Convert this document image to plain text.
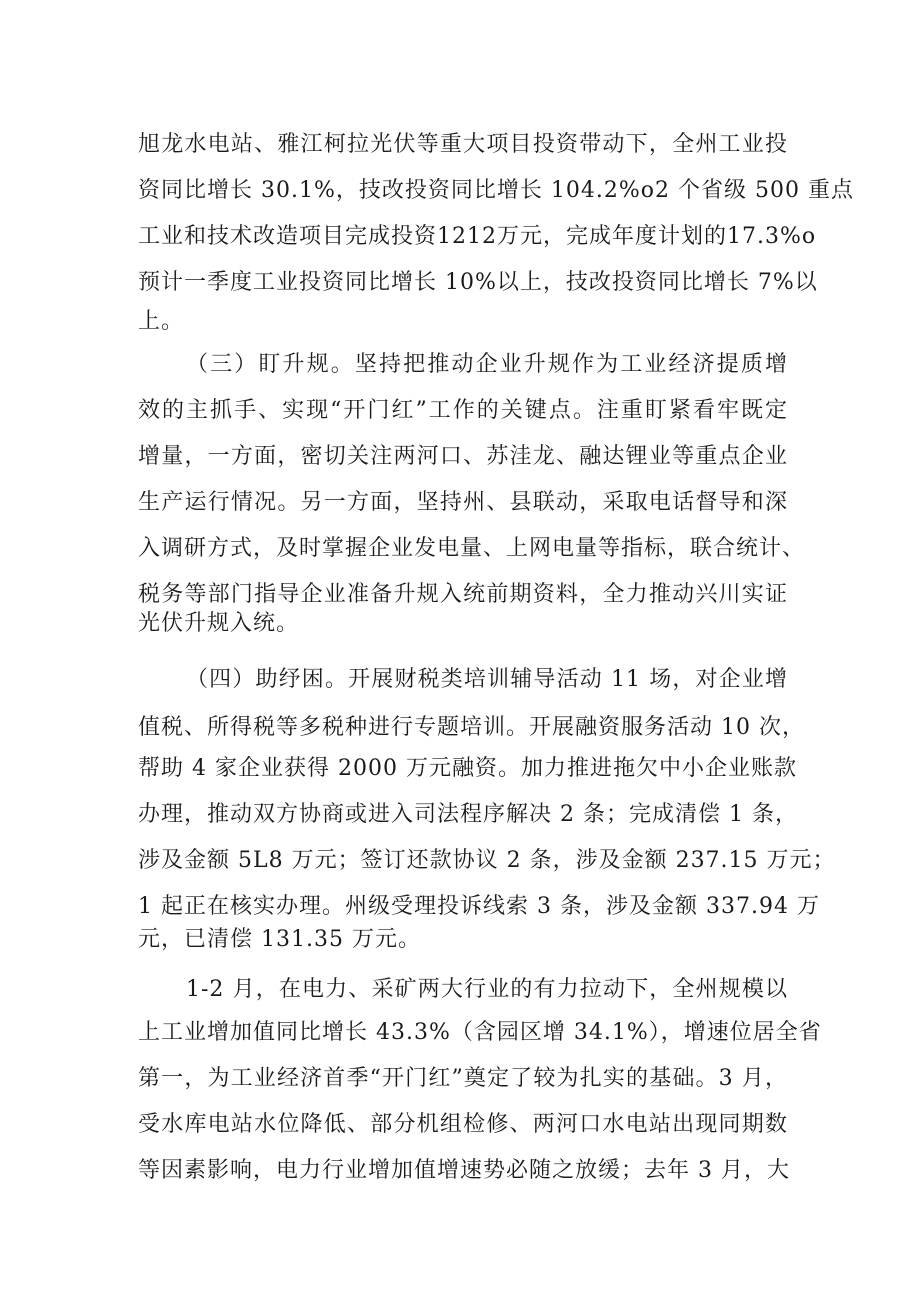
旭龙水电站、雅江柯拉光伏等重大项目投资带动下，全州工业投
资同比增长 30.1%，技改投资同比增长 104.2%o2 个省级 500 重点
工业和技术改造项目完成投资1212万元，完成年度计划的17.3%o
预计一季度工业投资同比增长 10%以上，技改投资同比增长 7%以
上。
（三）盯升规。坚持把推动企业升规作为工业经济提质增
效的主抓手、实现“开门红”工作的关键点。注重盯紧看牢既定
增量，一方面，密切关注两河口、苏洼龙、融达锂业等重点企业
生产运行情况。另一方面，坚持州、县联动，采取电话督导和深
入调研方式，及时掌握企业发电量、上网电量等指标，联合统计、
税务等部门指导企业准备升规入统前期资料，全力推动兴川实证
光伏升规入统。
（四）助纾困。开展财税类培训辅导活动 11 场，对企业增
值税、所得税等多税种进行专题培训。开展融资服务活动 10 次，
帮助 4 家企业获得 2000 万元融资。加力推进拖欠中小企业账款
办理，推动双方协商或进入司法程序解决 2 条；完成清偿 1 条，
涉及金额 5L8 万元；签订还款协议 2 条，涉及金额 237.15 万元；
1 起正在核实办理。州级受理投诉线索 3 条，涉及金额 337.94 万
元，已清偿 131.35 万元。
1-2 月，在电力、采矿两大行业的有力拉动下，全州规模以
上工业增加值同比增长 43.3%（含园区增 34.1%），增速位居全省
第一，为工业经济首季“开门红”奠定了较为扎实的基础。3 月，
受水库电站水位降低、部分机组检修、两河口水电站出现同期数
等因素影响，电力行业增加值增速势必随之放缓；去年 3 月，大
